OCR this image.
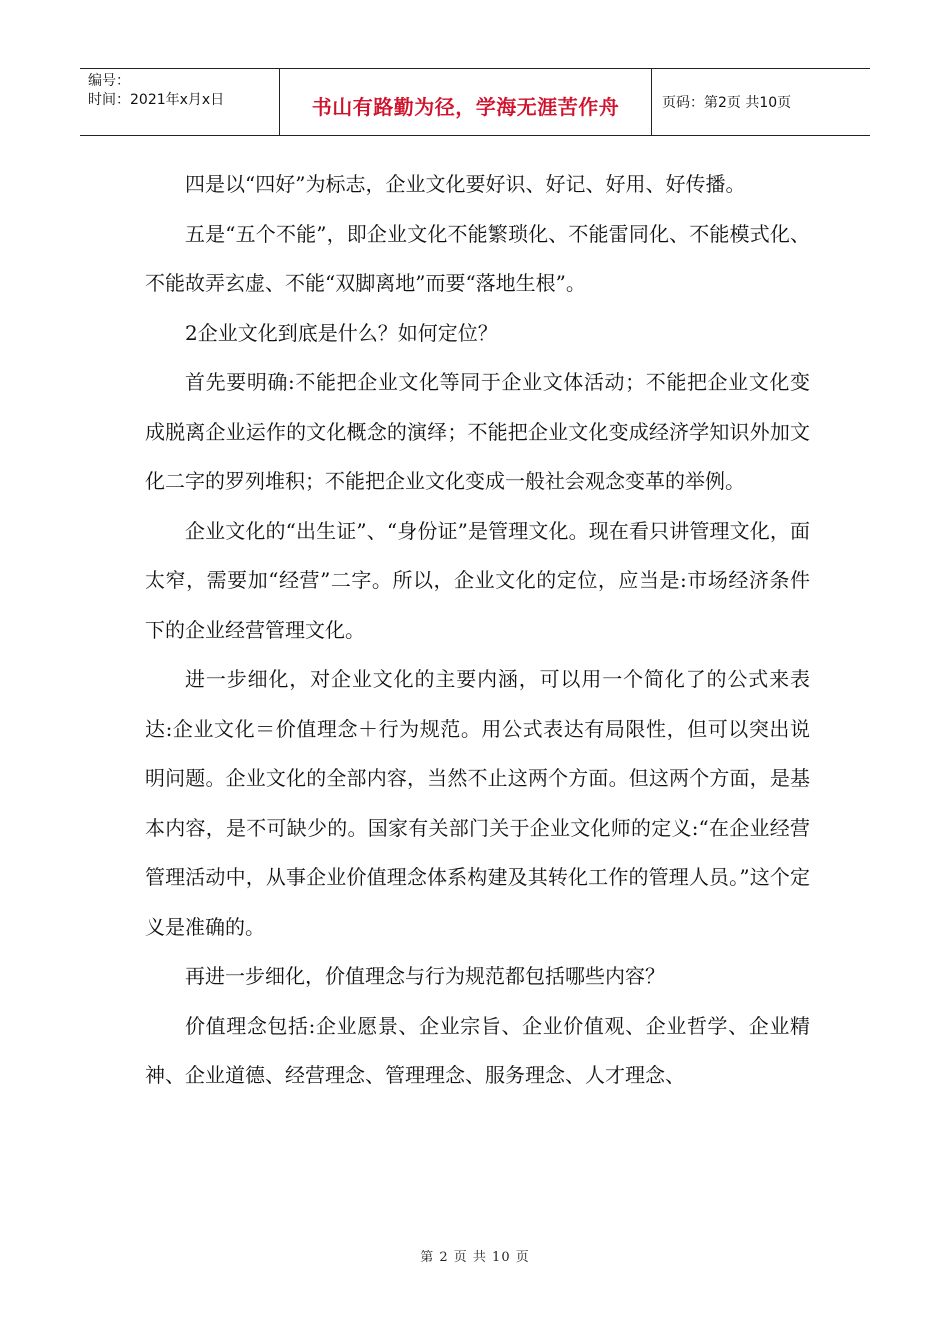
编号：
时间：2021年x月x日	书山有路勤为径，学海无涯苦作舟	页码：第2页 共10页

四是以“四好”为标志，企业文化要好识、好记、好用、好传播。

五是“五个不能”，即企业文化不能繁琐化、不能雷同化、不能模式化、不能故弄玄虚、不能“双脚离地”而要“落地生根”。

2企业文化到底是什么？如何定位？

首先要明确:不能把企业文化等同于企业文体活动；不能把企业文化变成脱离企业运作的文化概念的演绎；不能把企业文化变成经济学知识外加文化二字的罗列堆积；不能把企业文化变成一般社会观念变革的举例。

企业文化的“出生证”、“身份证”是管理文化。现在看只讲管理文化，面太窄，需要加“经营”二字。所以，企业文化的定位，应当是:市场经济条件下的企业经营管理文化。

进一步细化，对企业文化的主要内涵，可以用一个简化了的公式来表达:企业文化＝价值理念＋行为规范。用公式表达有局限性，但可以突出说明问题。企业文化的全部内容，当然不止这两个方面。但这两个方面，是基本内容，是不可缺少的。国家有关部门关于企业文化师的定义:“在企业经营管理活动中，从事企业价值理念体系构建及其转化工作的管理人员。”这个定义是准确的。

再进一步细化，价值理念与行为规范都包括哪些内容？

价值理念包括:企业愿景、企业宗旨、企业价值观、企业哲学、企业精神、企业道德、经营理念、管理理念、服务理念、人才理念、

第 2 页 共 10 页
